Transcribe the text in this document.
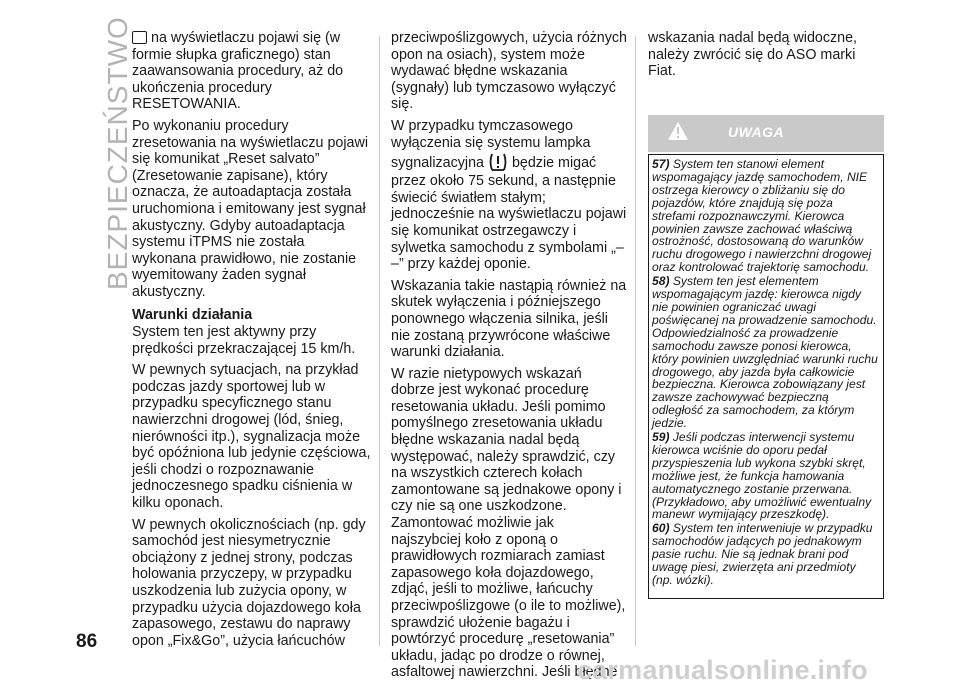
BEZPIECZEŃSTWO	na wyświetlaczu pojawi się (w formie słupka graficznego) stan zaawansowania procedury, aż do ukończenia procedury RESETOWANIA.

Po wykonaniu procedury zresetowania na wyświetlaczu pojawi się komunikat „Reset salvato” (Zresetowanie zapisane), który oznacza, że autoadaptacja została uruchomiona i emitowany jest sygnał akustyczny. Gdyby autoadaptacja systemu iTPMS nie została wykonana prawidłowo, nie zostanie wyemitowany żaden sygnał akustyczny.

Warunki działania

System ten jest aktywny przy prędkości przekraczającej 15 km/h.

W pewnych sytuacjach, na przykład podczas jazdy sportowej lub w przypadku specyficznego stanu nawierzchni drogowej (lód, śnieg, nierówności itp.), sygnalizacja może być opóźniona lub jedynie częściowa, jeśli chodzi o rozpoznawanie jednoczesnego spadku ciśnienia w kilku oponach.

W pewnych okolicznościach (np. gdy samochód jest niesymetrycznie obciążony z jednej strony, podczas holowania przyczepy, w przypadku uszkodzenia lub zużycia opony, w przypadku użycia dojazdowego koła zapasowego, zestawu do naprawy opon „Fix&Go”, użycia łańcuchów

przeciwpoślizgowych, użycia różnych opon na osiach), system może wydawać błędne wskazania (sygnały) lub tymczasowo wyłączyć się.

W przypadku tymczasowego wyłączenia się systemu lampka sygnalizacyjna będzie migać przez około 75 sekund, a następnie świecić światłem stałym; jednocześnie na wyświetlaczu pojawi się komunikat ostrzegawczy i sylwetka samochodu z symbolami „– –” przy każdej oponie.

Wskazania takie nastąpią również na skutek wyłączenia i późniejszego ponownego włączenia silnika, jeśli nie zostaną przywrócone właściwe warunki działania.

W razie nietypowych wskazań dobrze jest wykonać procedurę resetowania układu. Jeśli pomimo pomyślnego zresetowania układu błędne wskazania nadal będą występować, należy sprawdzić, czy na wszystkich czterech kołach zamontowane są jednakowe opony i czy nie są one uszkodzone. Zamontować możliwie jak najszybciej koło z oponą o prawidłowych rozmiarach zamiast zapasowego koła dojazdowego, zdjąć, jeśli to możliwe, łańcuchy przeciwpoślizgowe (o ile to możliwe), sprawdzić ułożenie bagażu i powtórzyć procedurę „resetowania” układu, jadąc po drodze o równej, asfaltowej nawierzchni. Jeśli błędne

wskazania nadal będą widoczne, należy zwrócić się do ASO marki Fiat.

UWAGA

57) System ten stanowi element wspomagający jazdę samochodem, NIE ostrzega kierowcy o zbliżaniu się do pojazdów, które znajdują się poza strefami rozpoznawczymi. Kierowca powinien zawsze zachować właściwą ostrożność, dostosowaną do warunków ruchu drogowego i nawierzchni drogowej oraz kontrolować trajektorię samochodu.

58) System ten jest elementem wspomagającym jazdę: kierowca nigdy nie powinien ograniczać uwagi poświęcanej na prowadzenie samochodu. Odpowiedzialność za prowadzenie samochodu zawsze ponosi kierowca, który powinien uwzględniać warunki ruchu drogowego, aby jazda była całkowicie bezpieczna. Kierowca zobowiązany jest zawsze zachowywać bezpieczną odległość za samochodem, za którym jedzie.

59) Jeśli podczas interwencji systemu kierowca wciśnie do oporu pedał przyspieszenia lub wykona szybki skręt, możliwe jest, że funkcja hamowania automatycznego zostanie przerwana. (Przykładowo, aby umożliwić ewentualny manewr wymijający przeszkodę).

60) System ten interweniuje w przypadku samochodów jadących po jednakowym pasie ruchu. Nie są jednak brani pod uwagę piesi, zwierzęta ani przedmioty (np. wózki).

86
carmanualsonline.info
